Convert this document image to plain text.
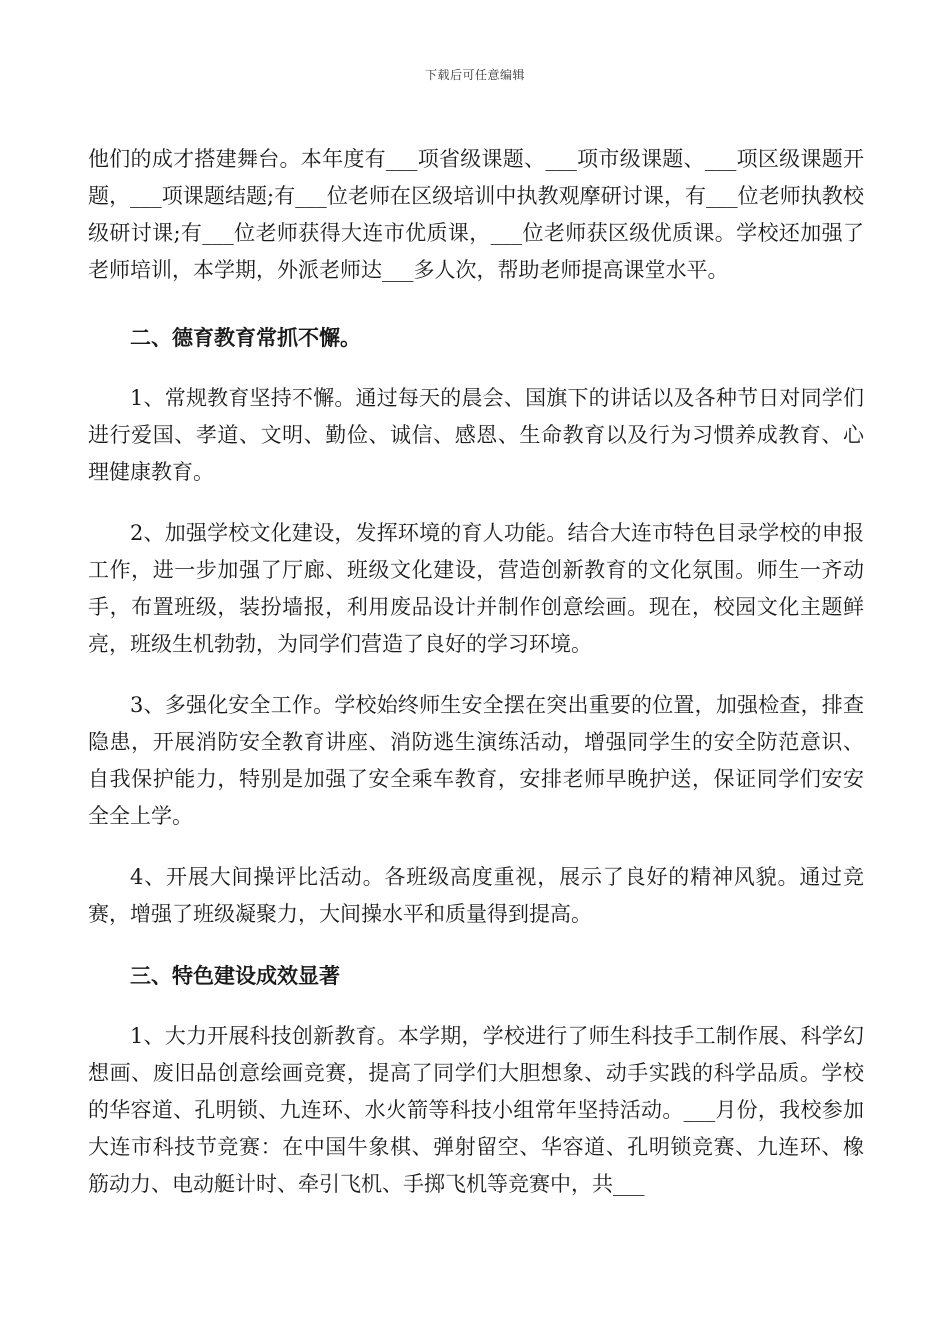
下载后可任意编辑

他们的成才搭建舞台。本年度有___项省级课题、___项市级课题、___项区级课题开题，___项课题结题;有___位老师在区级培训中执教观摩研讨课，有___位老师执教校级研讨课;有___位老师获得大连市优质课，___位老师获区级优质课。学校还加强了老师培训，本学期，外派老师达___多人次，帮助老师提高课堂水平。

二、德育教育常抓不懈。

1、常规教育坚持不懈。通过每天的晨会、国旗下的讲话以及各种节日对同学们进行爱国、孝道、文明、勤俭、诚信、感恩、生命教育以及行为习惯养成教育、心理健康教育。

2、加强学校文化建设，发挥环境的育人功能。结合大连市特色目录学校的申报工作，进一步加强了厅廊、班级文化建设，营造创新教育的文化氛围。师生一齐动手，布置班级，装扮墙报，利用废品设计并制作创意绘画。现在，校园文化主题鲜亮，班级生机勃勃，为同学们营造了良好的学习环境。

3、多强化安全工作。学校始终师生安全摆在突出重要的位置，加强检查，排查隐患，开展消防安全教育讲座、消防逃生演练活动，增强同学生的安全防范意识、自我保护能力，特别是加强了安全乘车教育，安排老师早晚护送，保证同学们安安全全上学。

4、开展大间操评比活动。各班级高度重视，展示了良好的精神风貌。通过竞赛，增强了班级凝聚力，大间操水平和质量得到提高。

三、特色建设成效显著

1、大力开展科技创新教育。本学期，学校进行了师生科技手工制作展、科学幻想画、废旧品创意绘画竞赛，提高了同学们大胆想象、动手实践的科学品质。学校的华容道、孔明锁、九连环、水火箭等科技小组常年坚持活动。___月份，我校参加大连市科技节竞赛：在中国牛象棋、弹射留空、华容道、孔明锁竞赛、九连环、橡筋动力、电动艇计时、牵引飞机、手掷飞机等竞赛中，共___
